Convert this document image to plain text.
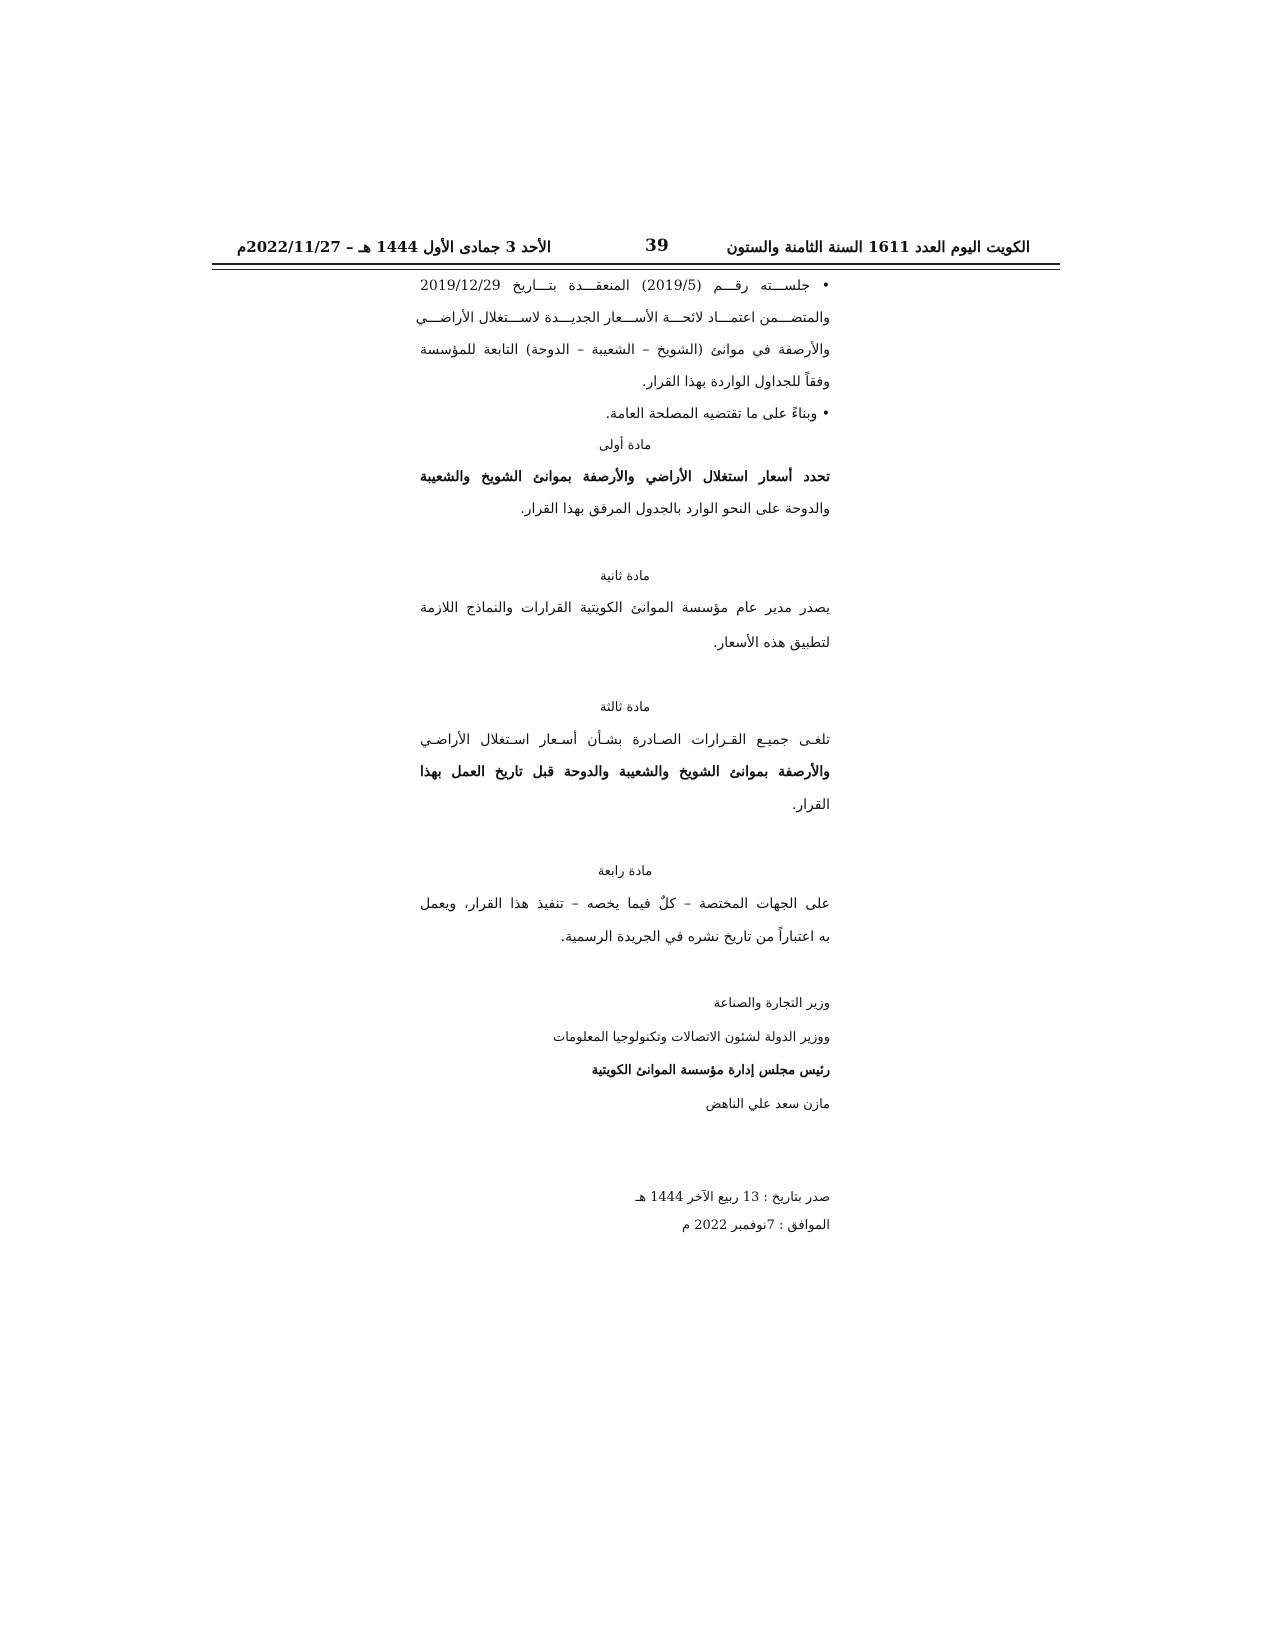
الكويت اليوم العدد 1611 السنة الثامنة والستون
39
الأحد 3 جمادى الأول 1444 هـ – 2022/11/27م
• جلســـته رقـــم (2019/5) المنعقـــدة بتـــاريخ 2019/12/29
والمتضـــمن اعتمـــاد لائحـــة الأســـعار الجديـــدة لاســـتغلال الأراضـــي
والأرصفة في موانئ (الشويخ – الشعيبة – الدوحة) التابعة للمؤسسة
وفقاً للجداول الواردة بهذا القرار.
• وبناءً على ما تقتضيه المصلحة العامة.
مادة أولى
تحدد أسعار استغلال الأراضي والأرصفة بموانئ الشويخ والشعيبة
والدوحة على النحو الوارد بالجدول المرفق بهذا القرار.
مادة ثانية
يصدر مدير عام مؤسسة الموانئ الكويتية القرارات والنماذج اللازمة
لتطبيق هذه الأسعار.
مادة ثالثة
تلغـى جميـع القـرارات الصـادرة بشـأن أسـعار اسـتغلال الأراضـي
والأرصفة بموانئ الشويخ والشعيبة والدوحة قبل تاريخ العمل بهذا
القرار.
مادة رابعة
على الجهات المختصة – كلٌ فيما يخصه – تنفيذ هذا القرار، ويعمل
به اعتباراً من تاريخ نشره في الجريدة الرسمية.
وزير التجارة والصناعة
ووزير الدولة لشئون الاتصالات وتكنولوجيا المعلومات
رئيس مجلس إدارة مؤسسة الموانئ الكويتية
مازن سعد علي الناهض
صدر بتاريخ : 13 ربيع الآخر 1444 هـ
الموافق : 7نوفمبر 2022 م
